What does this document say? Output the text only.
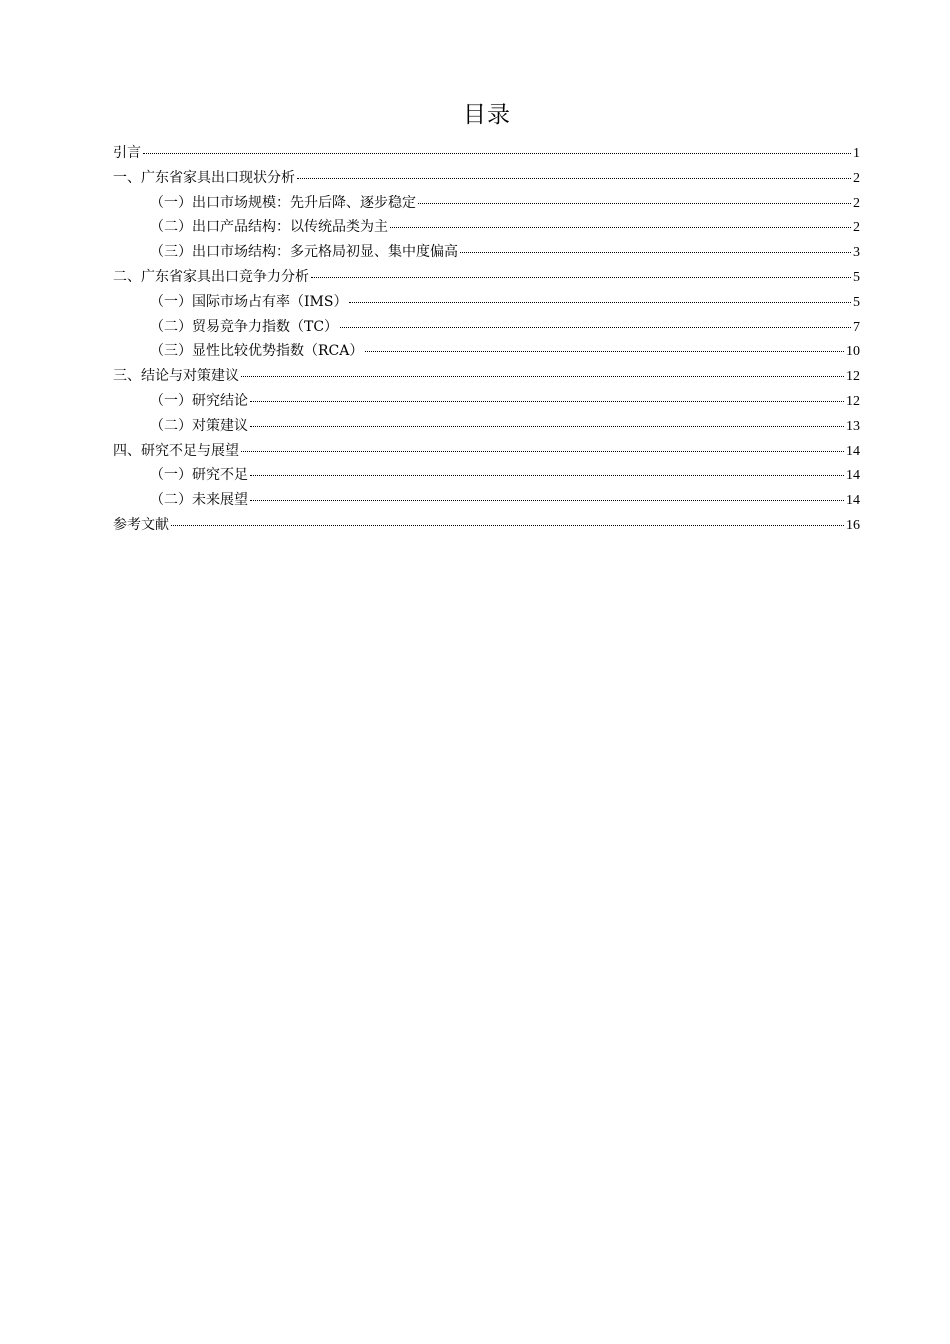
目录
引言	1
一、广东省家具出口现状分析	2
（一）出口市场规模：先升后降、逐步稳定	2
（二）出口产品结构：以传统品类为主	2
（三）出口市场结构：多元格局初显、集中度偏高	3
二、广东省家具出口竞争力分析	5
（一）国际市场占有率（IMS）	5
（二）贸易竞争力指数（TC）	7
（三）显性比较优势指数（RCA）	10
三、结论与对策建议	12
（一）研究结论	12
（二）对策建议	13
四、研究不足与展望	14
（一）研究不足	14
（二）未来展望	14
参考文献	16
